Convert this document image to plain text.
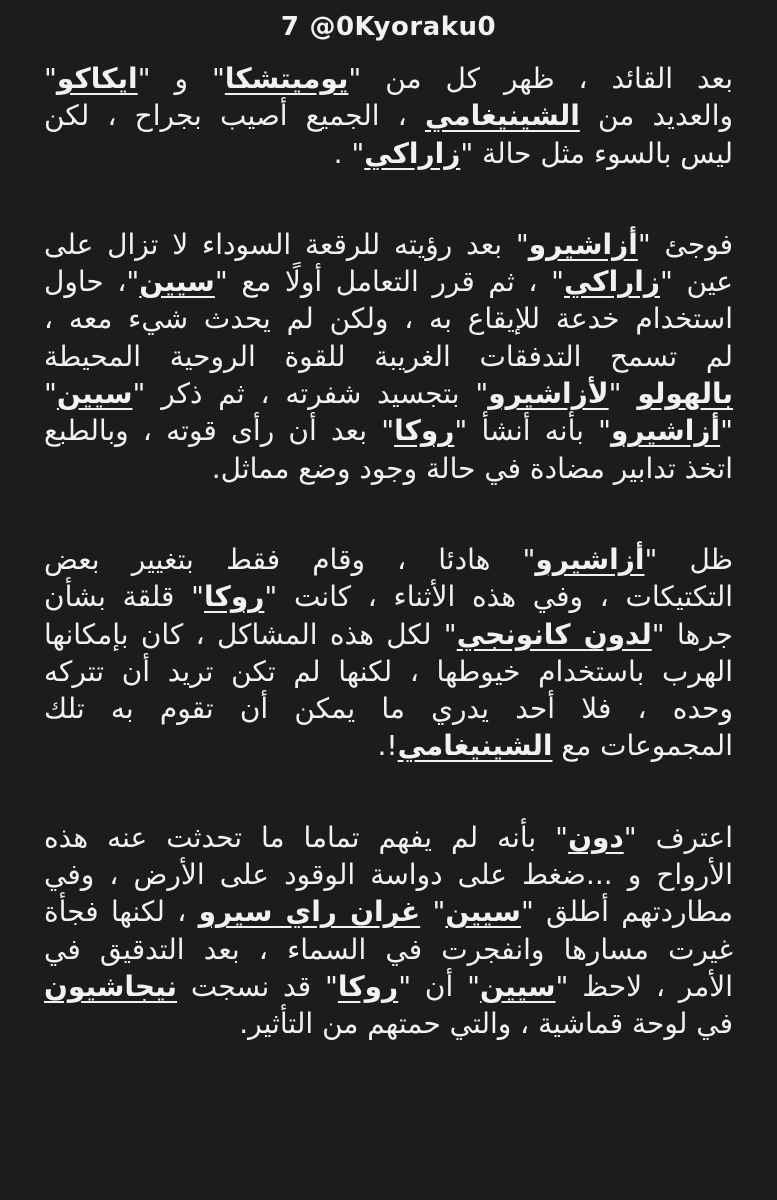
7 @0Kyoraku0

بعد القائد ، ظهر كل من "يوميتشكا" و "ايكاكو"
والعديد من الشينيغامي ، الجميع أصيب بجراح ، لكن
ليس بالسوء مثل حالة "زاراكي" .

فوجئ "أزاشيرو" بعد رؤيته للرقعة السوداء لا تزال على
عين "زاراكي" ، ثم قرر التعامل أولًا مع "سيين"، حاول
استخدام خدعة للإيقاع به ، ولكن لم يحدث شيء معه ،
لم تسمح التدفقات الغريبة للقوة الروحية المحيطة
بالهولو "لأزاشيرو" بتجسيد شفرته ، ثم ذكر "سيين"
"أزاشيرو" بأنه أنشأ "روكا" بعد أن رأى قوته ، وبالطبع
اتخذ تدابير مضادة في حالة وجود وضع مماثل.

ظل "أزاشيرو" هادئا ، وقام فقط بتغيير بعض
التكتيكات ، وفي هذه الأثناء ، كانت "روكا" قلقة بشأن
جرها "لدون كانونجي" لكل هذه المشاكل ، كان بإمكانها
الهرب باستخدام خيوطها ، لكنها لم تكن تريد أن تتركه
وحده ، فلا أحد يدري ما يمكن أن تقوم به تلك
المجموعات مع الشينيغامي!.

اعترف "دون" بأنه لم يفهم تماما ما تحدثت عنه هذه
الأرواح و ...ضغط على دواسة الوقود على الأرض ، وفي
مطاردتهم أطلق "سيين" غران راي سيرو ، لكنها فجأة
غيرت مسارها وانفجرت في السماء ، بعد التدقيق في
الأمر ، لاحظ "سيين" أن "روكا" قد نسجت نيجاشيون
في لوحة قماشية ، والتي حمتهم من التأثير.
